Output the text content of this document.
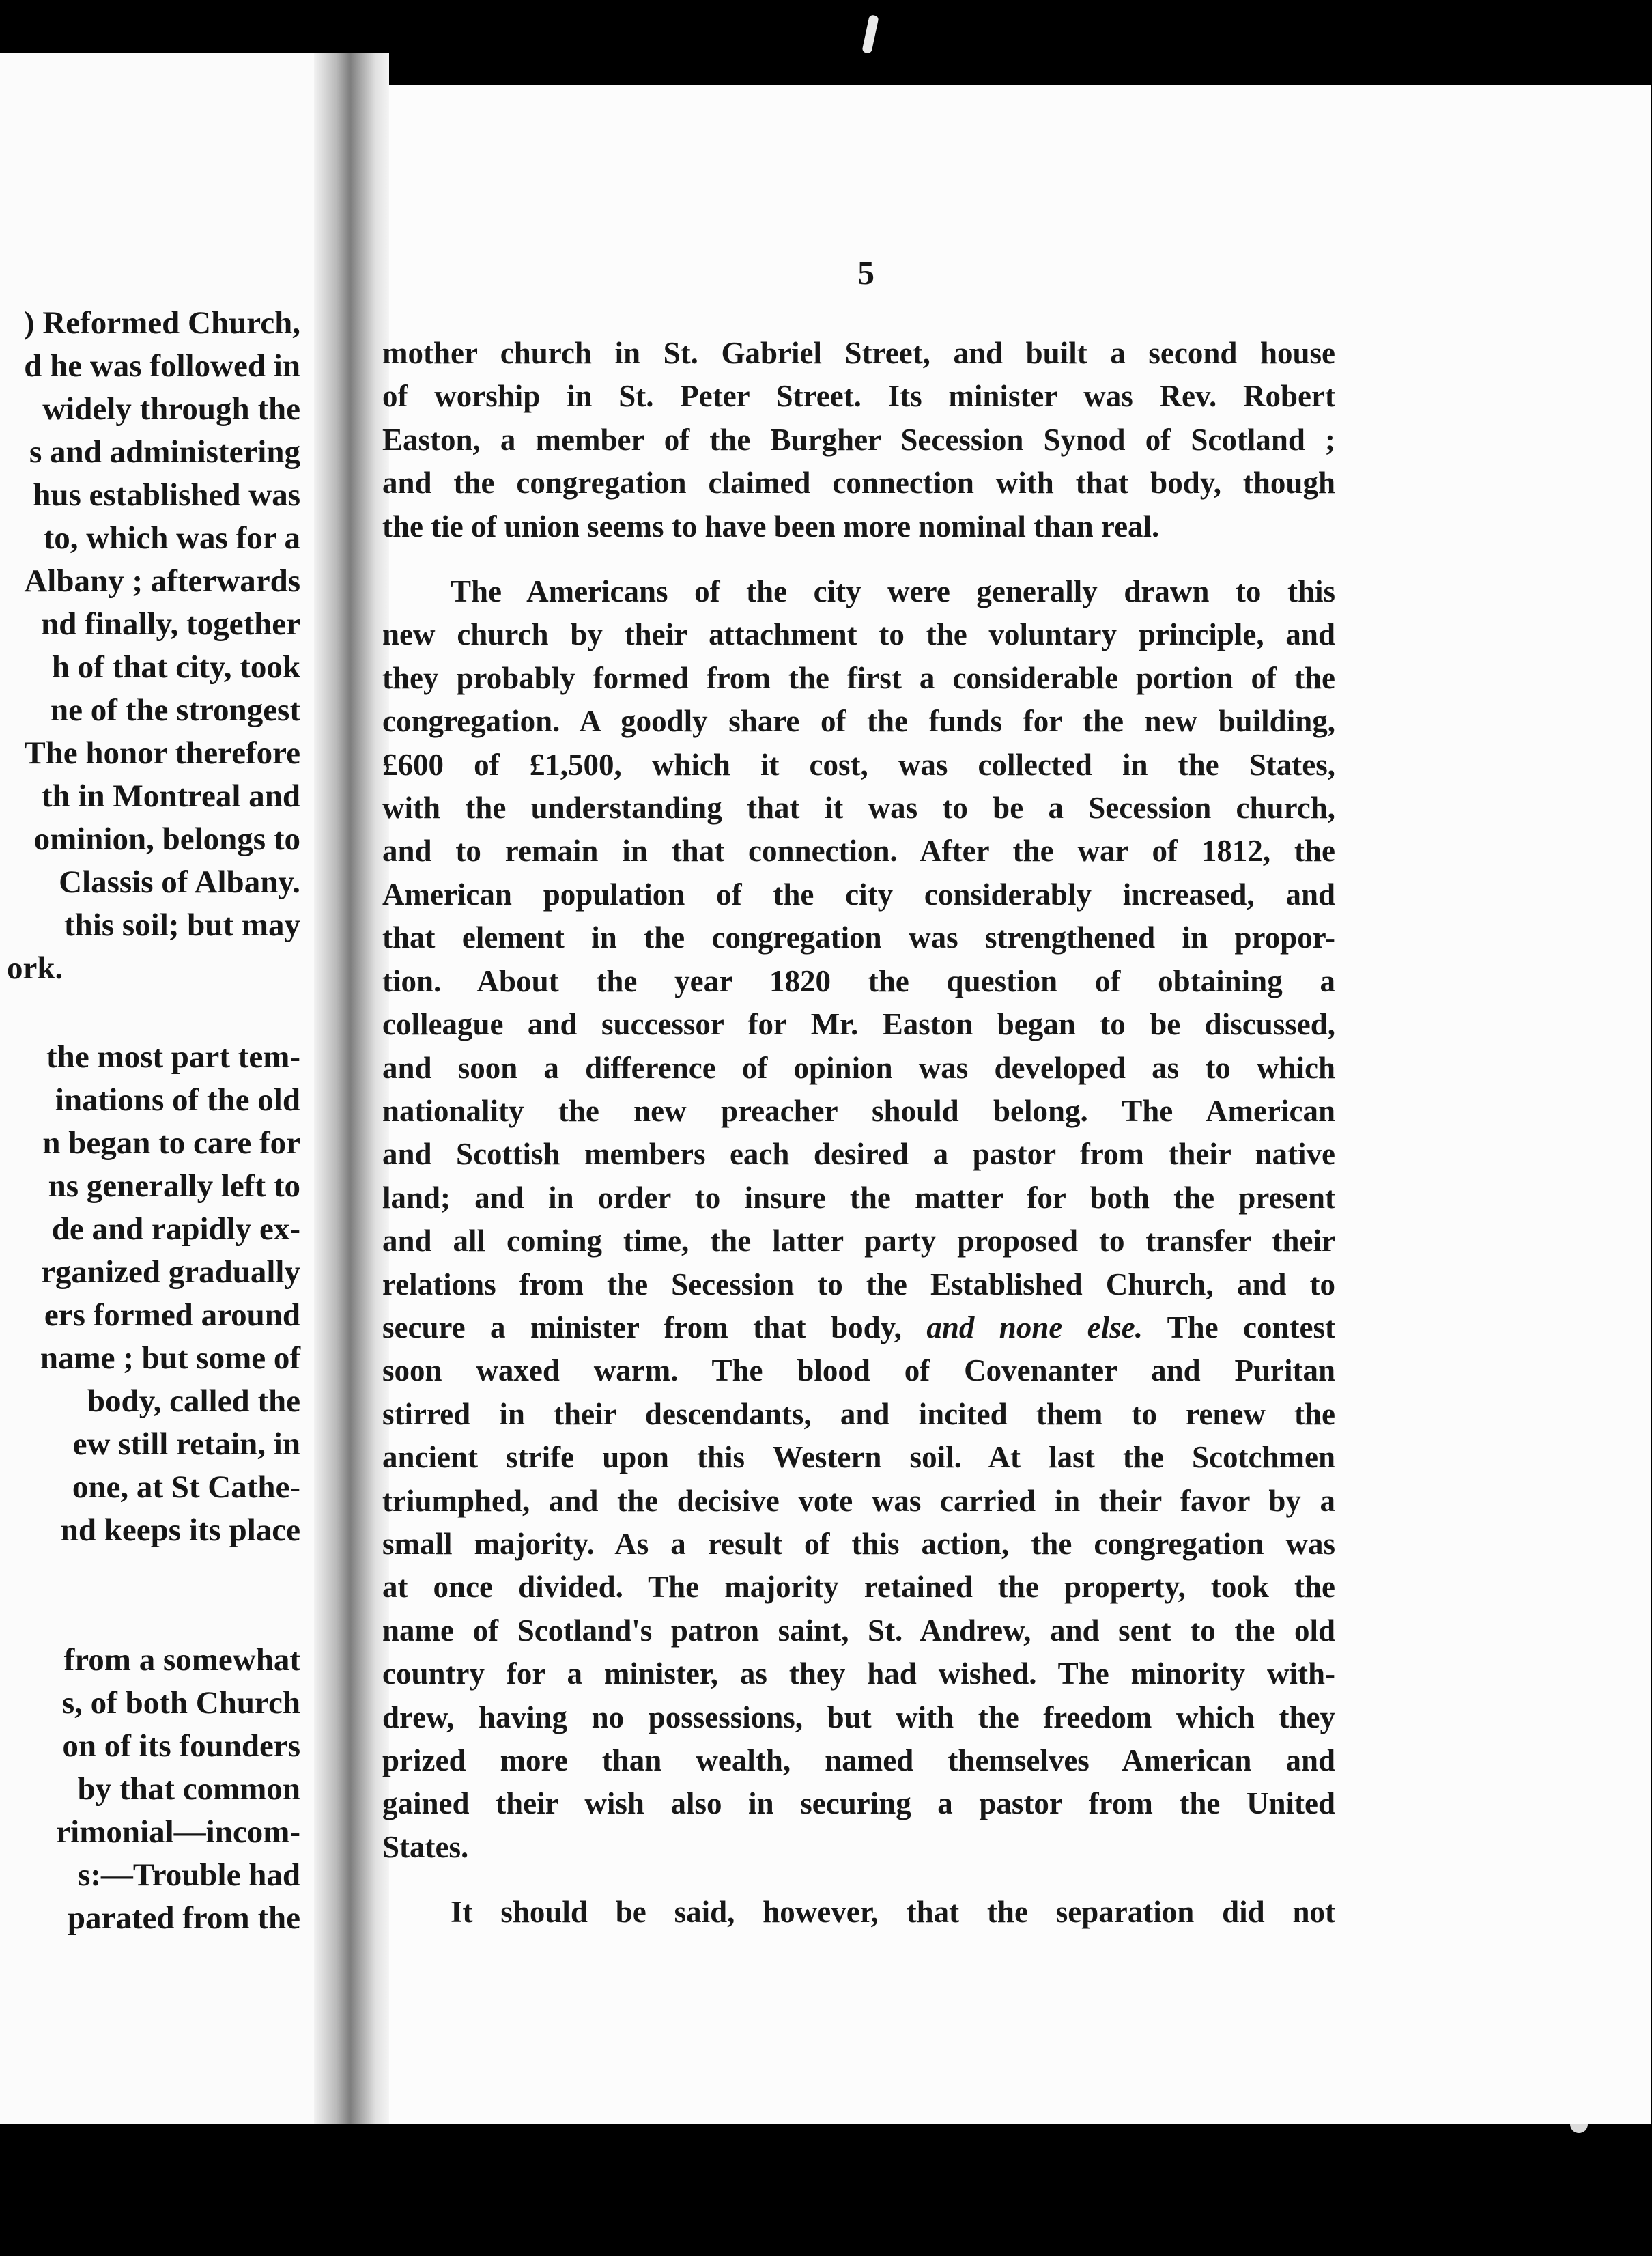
) Reformed Church,
d he was followed in
widely through the
s and administering
hus established was
to, which was for a
Albany ; afterwards
nd finally, together
h of that city, took
ne of the strongest
The honor therefore
th in Montreal and
ominion, belongs to
Classis of Albany.
this soil; but may
ork.
the most part tem-
inations of the old
n began to care for
ns generally left to
de and rapidly ex-
rganized gradually
ers formed around
name ; but some of
body, called the
ew still retain, in
one, at St Cathe-
nd keeps its place
from a somewhat
s, of both Church
on of its founders
by that common
rimonial—incom-
s:—Trouble had
parated from the
5
mother church in St. Gabriel Street, and built a second house
of worship in St. Peter Street. Its minister was Rev. Robert
Easton, a member of the Burgher Secession Synod of Scotland ;
and the congregation claimed connection with that body, though
the tie of union seems to have been more nominal than real.
The Americans of the city were generally drawn to this
new church by their attachment to the voluntary principle, and
they probably formed from the first a considerable portion of the
congregation. A goodly share of the funds for the new building,
£600 of £1,500, which it cost, was collected in the States,
with the understanding that it was to be a Secession church,
and to remain in that connection. After the war of 1812, the
American population of the city considerably increased, and
that element in the congregation was strengthened in propor-
tion. About the year 1820 the question of obtaining a
colleague and successor for Mr. Easton began to be discussed,
and soon a difference of opinion was developed as to which
nationality the new preacher should belong. The American
and Scottish members each desired a pastor from their native
land; and in order to insure the matter for both the present
and all coming time, the latter party proposed to transfer their
relations from the Secession to the Established Church, and to
secure a minister from that body, and none else. The contest
soon waxed warm. The blood of Covenanter and Puritan
stirred in their descendants, and incited them to renew the
ancient strife upon this Western soil. At last the Scotchmen
triumphed, and the decisive vote was carried in their favor by a
small majority. As a result of this action, the congregation was
at once divided. The majority retained the property, took the
name of Scotland's patron saint, St. Andrew, and sent to the old
country for a minister, as they had wished. The minority with-
drew, having no possessions, but with the freedom which they
prized more than wealth, named themselves American and
gained their wish also in securing a pastor from the United
States.
It should be said, however, that the separation did not
